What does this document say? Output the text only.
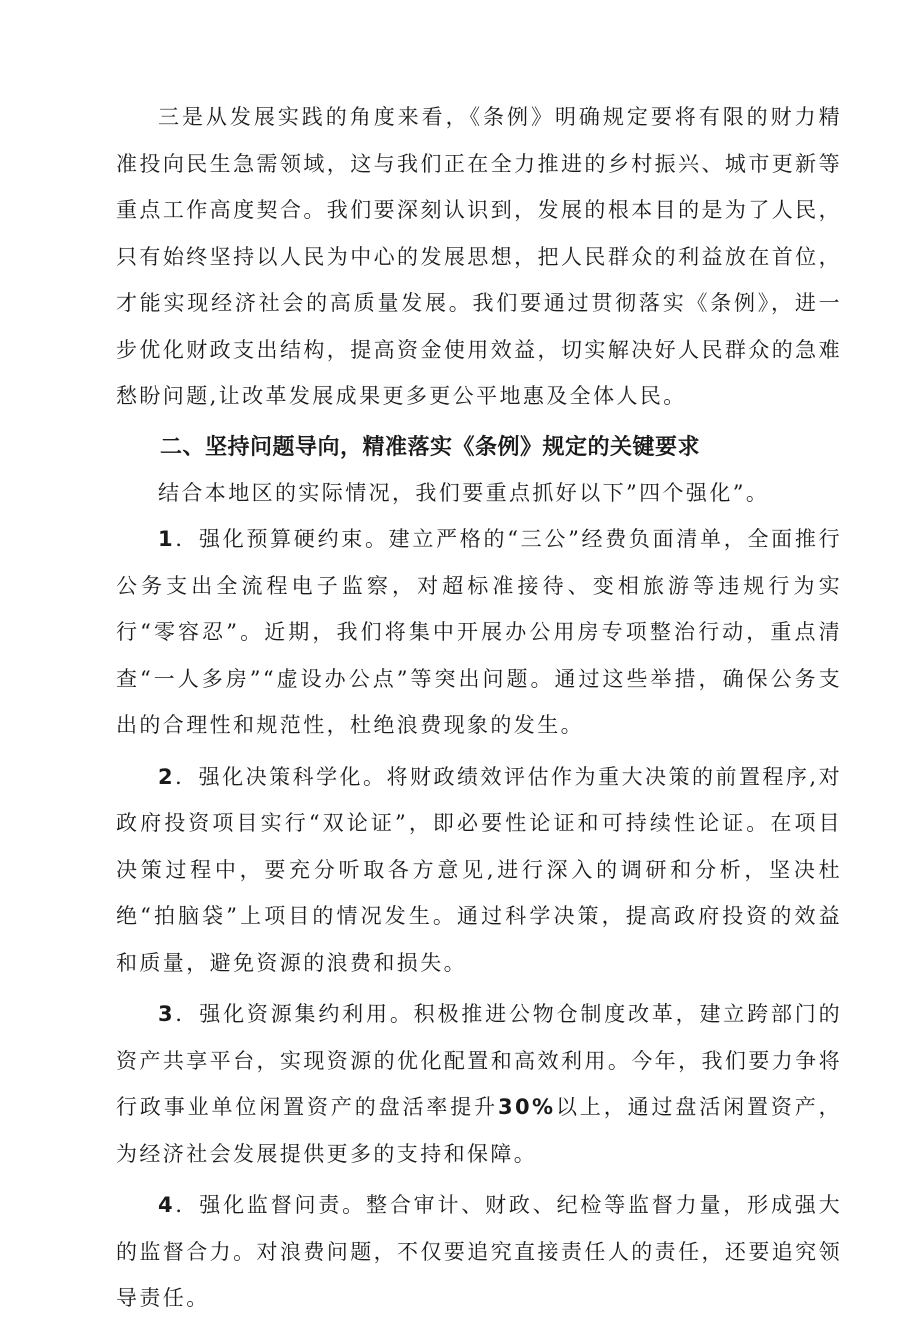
三是从发展实践的角度来看，《条例》明确规定要将有限的财力精准投向民生急需领域，这与我们正在全力推进的乡村振兴、城市更新等重点工作高度契合。我们要深刻认识到，发展的根本目的是为了人民，只有始终坚持以人民为中心的发展思想，把人民群众的利益放在首位，才能实现经济社会的高质量发展。我们要通过贯彻落实《条例》，进一步优化财政支出结构，提高资金使用效益，切实解决好人民群众的急难愁盼问题,让改革发展成果更多更公平地惠及全体人民。

二、坚持问题导向，精准落实《条例》规定的关键要求

结合本地区的实际情况，我们要重点抓好以下”四个强化”。

1．强化预算硬约束。建立严格的“三公”经费负面清单，全面推行公务支出全流程电子监察，对超标准接待、变相旅游等违规行为实行“零容忍”。近期，我们将集中开展办公用房专项整治行动，重点清查“一人多房”“虚设办公点”等突出问题。通过这些举措，确保公务支出的合理性和规范性，杜绝浪费现象的发生。

2．强化决策科学化。将财政绩效评估作为重大决策的前置程序,对政府投资项目实行“双论证”，即必要性论证和可持续性论证。在项目决策过程中，要充分听取各方意见,进行深入的调研和分析，坚决杜绝“拍脑袋”上项目的情况发生。通过科学决策，提高政府投资的效益和质量，避免资源的浪费和损失。

3．强化资源集约利用。积极推进公物仓制度改革，建立跨部门的资产共享平台，实现资源的优化配置和高效利用。今年，我们要力争将行政事业单位闲置资产的盘活率提升30%以上，通过盘活闲置资产，为经济社会发展提供更多的支持和保障。

4．强化监督问责。整合审计、财政、纪检等监督力量，形成强大的监督合力。对浪费问题，不仅要追究直接责任人的责任，还要追究领导责任。
